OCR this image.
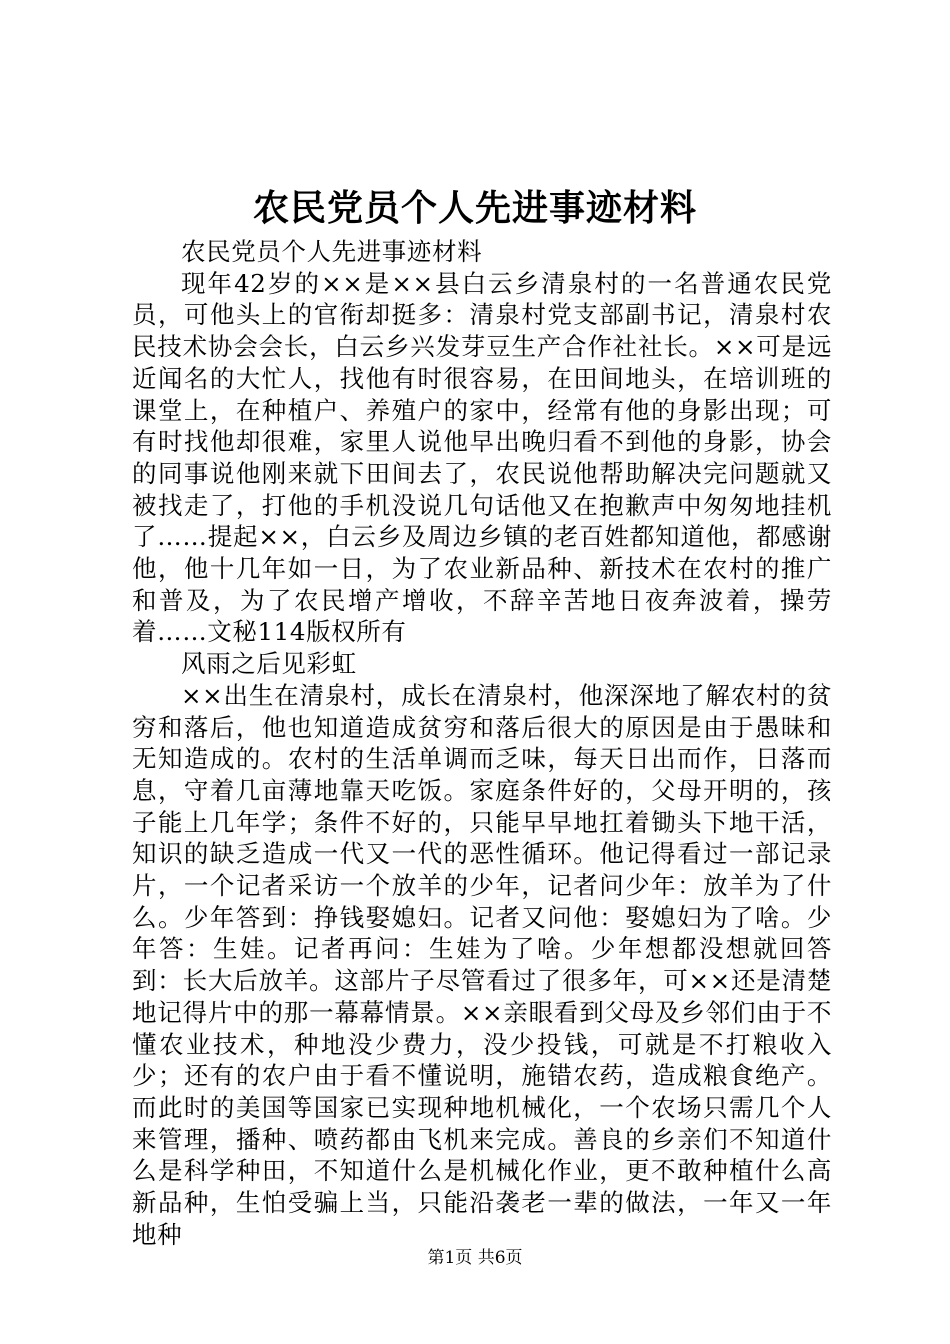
农民党员个人先进事迹材料

农民党员个人先进事迹材料

现年42岁的××是××县白云乡清泉村的一名普通农民党员，可他头上的官衔却挺多：清泉村党支部副书记，清泉村农民技术协会会长，白云乡兴发芽豆生产合作社社长。××可是远近闻名的大忙人，找他有时很容易，在田间地头，在培训班的课堂上，在种植户、养殖户的家中，经常有他的身影出现；可有时找他却很难，家里人说他早出晚归看不到他的身影，协会的同事说他刚来就下田间去了，农民说他帮助解决完问题就又被找走了，打他的手机没说几句话他又在抱歉声中匆匆地挂机了……提起××，白云乡及周边乡镇的老百姓都知道他，都感谢他，他十几年如一日，为了农业新品种、新技术在农村的推广和普及，为了农民增产增收，不辞辛苦地日夜奔波着，操劳着……文秘114版权所有

风雨之后见彩虹

××出生在清泉村，成长在清泉村，他深深地了解农村的贫穷和落后，他也知道造成贫穷和落后很大的原因是由于愚昧和无知造成的。农村的生活单调而乏味，每天日出而作，日落而息，守着几亩薄地靠天吃饭。家庭条件好的，父母开明的，孩子能上几年学；条件不好的，只能早早地扛着锄头下地干活，知识的缺乏造成一代又一代的恶性循环。他记得看过一部记录片，一个记者采访一个放羊的少年，记者问少年：放羊为了什么。少年答到：挣钱娶媳妇。记者又问他：娶媳妇为了啥。少年答：生娃。记者再问：生娃为了啥。少年想都没想就回答到：长大后放羊。这部片子尽管看过了很多年，可××还是清楚地记得片中的那一幕幕情景。××亲眼看到父母及乡邻们由于不懂农业技术，种地没少费力，没少投钱，可就是不打粮收入少；还有的农户由于看不懂说明，施错农药，造成粮食绝产。而此时的美国等国家已实现种地机械化，一个农场只需几个人来管理，播种、喷药都由飞机来完成。善良的乡亲们不知道什么是科学种田，不知道什么是机械化作业，更不敢种植什么高新品种，生怕受骗上当，只能沿袭老一辈的做法，一年又一年地种

第1页 共6页
